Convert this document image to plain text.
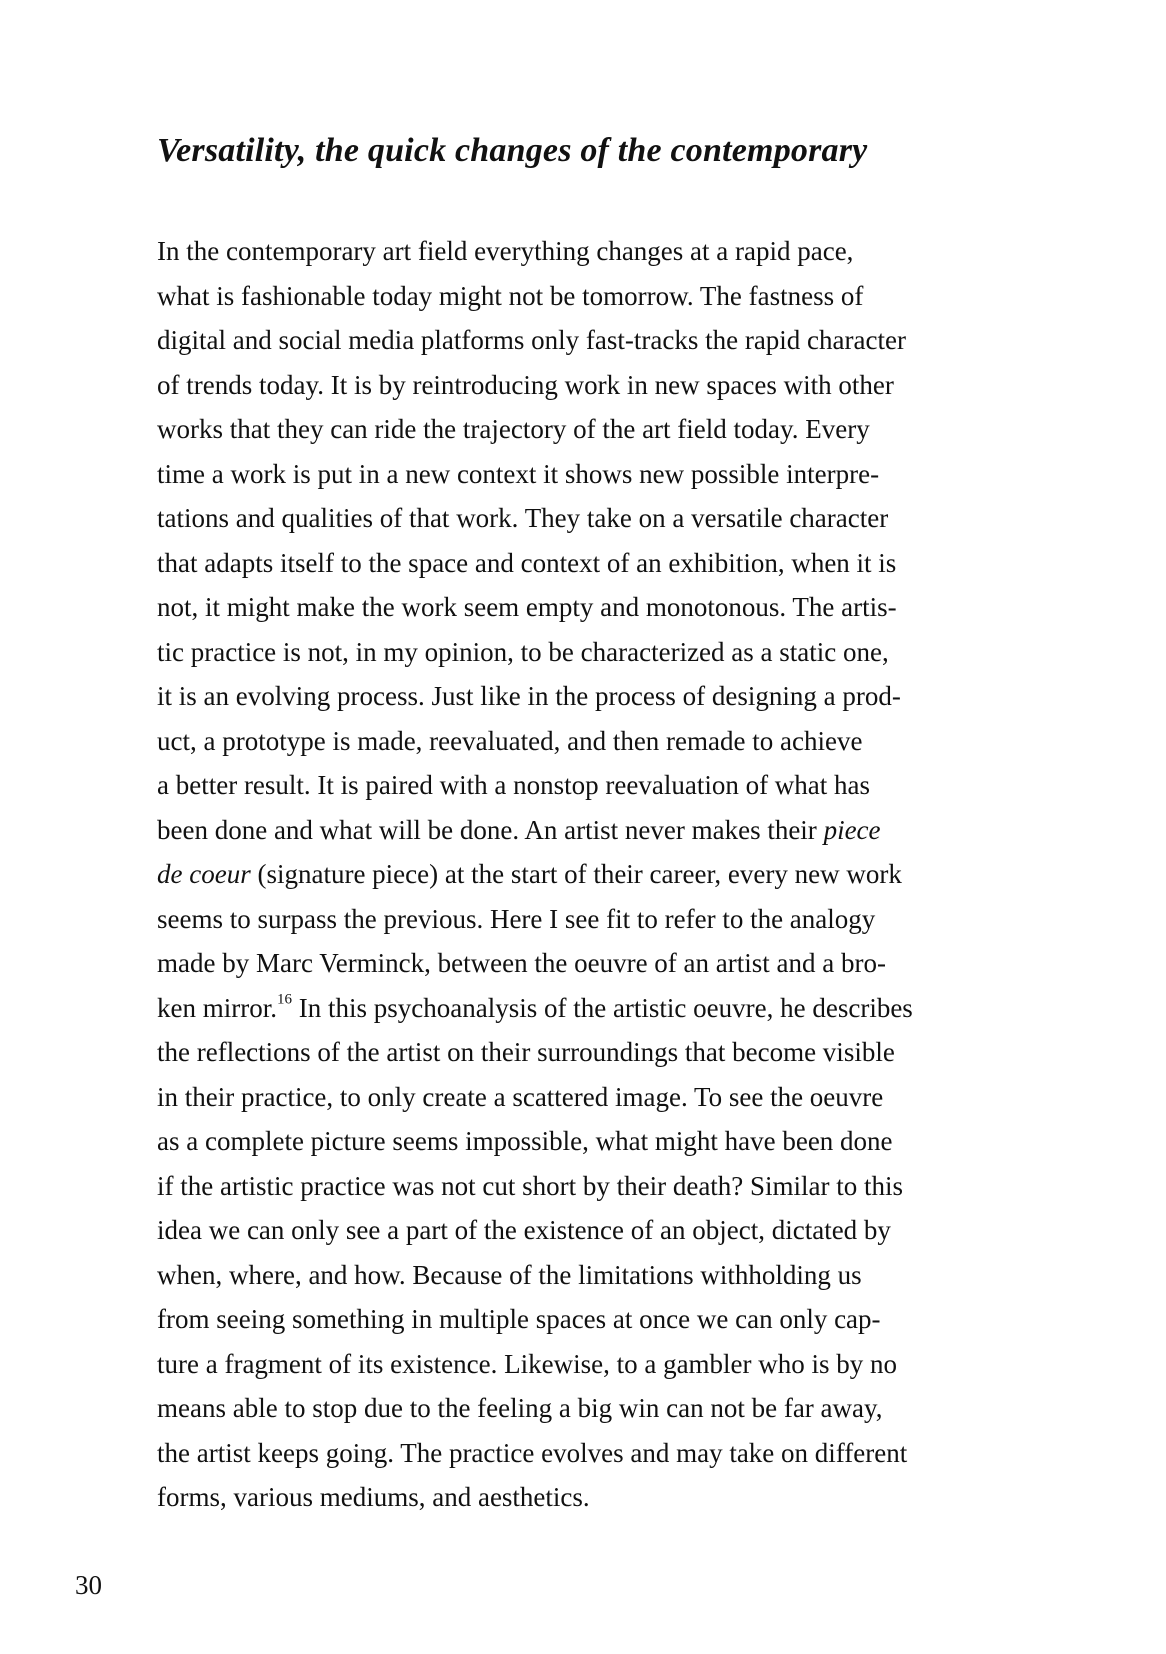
Versatility, the quick changes of the contemporary
In the contemporary art field everything changes at a rapid pace,
what is fashionable today might not be tomorrow. The fastness of
digital and social media platforms only fast-tracks the rapid character
of trends today. It is by reintroducing work in new spaces with other
works that they can ride the trajectory of the art field today. Every
time a work is put in a new context it shows new possible interpre-
tations and qualities of that work. They take on a versatile character
that adapts itself to the space and context of an exhibition, when it is
not, it might make the work seem empty and monotonous. The artis-
tic practice is not, in my opinion, to be characterized as a static one,
it is an evolving process. Just like in the process of designing a prod-
uct, a prototype is made, reevaluated, and then remade to achieve
a better result. It is paired with a nonstop reevaluation of what has
been done and what will be done. An artist never makes their piece
de coeur (signature piece) at the start of their career, every new work
seems to surpass the previous. Here I see fit to refer to the analogy
made by Marc Verminck, between the oeuvre of an artist and a bro-
ken mirror.$^{16}$ In this psychoanalysis of the artistic oeuvre, he describes
the reflections of the artist on their surroundings that become visible
in their practice, to only create a scattered image. To see the oeuvre
as a complete picture seems impossible, what might have been done
if the artistic practice was not cut short by their death? Similar to this
idea we can only see a part of the existence of an object, dictated by
when, where, and how. Because of the limitations withholding us
from seeing something in multiple spaces at once we can only cap-
ture a fragment of its existence. Likewise, to a gambler who is by no
means able to stop due to the feeling a big win can not be far away,
the artist keeps going. The practice evolves and may take on different
forms, various mediums, and aesthetics.

30
